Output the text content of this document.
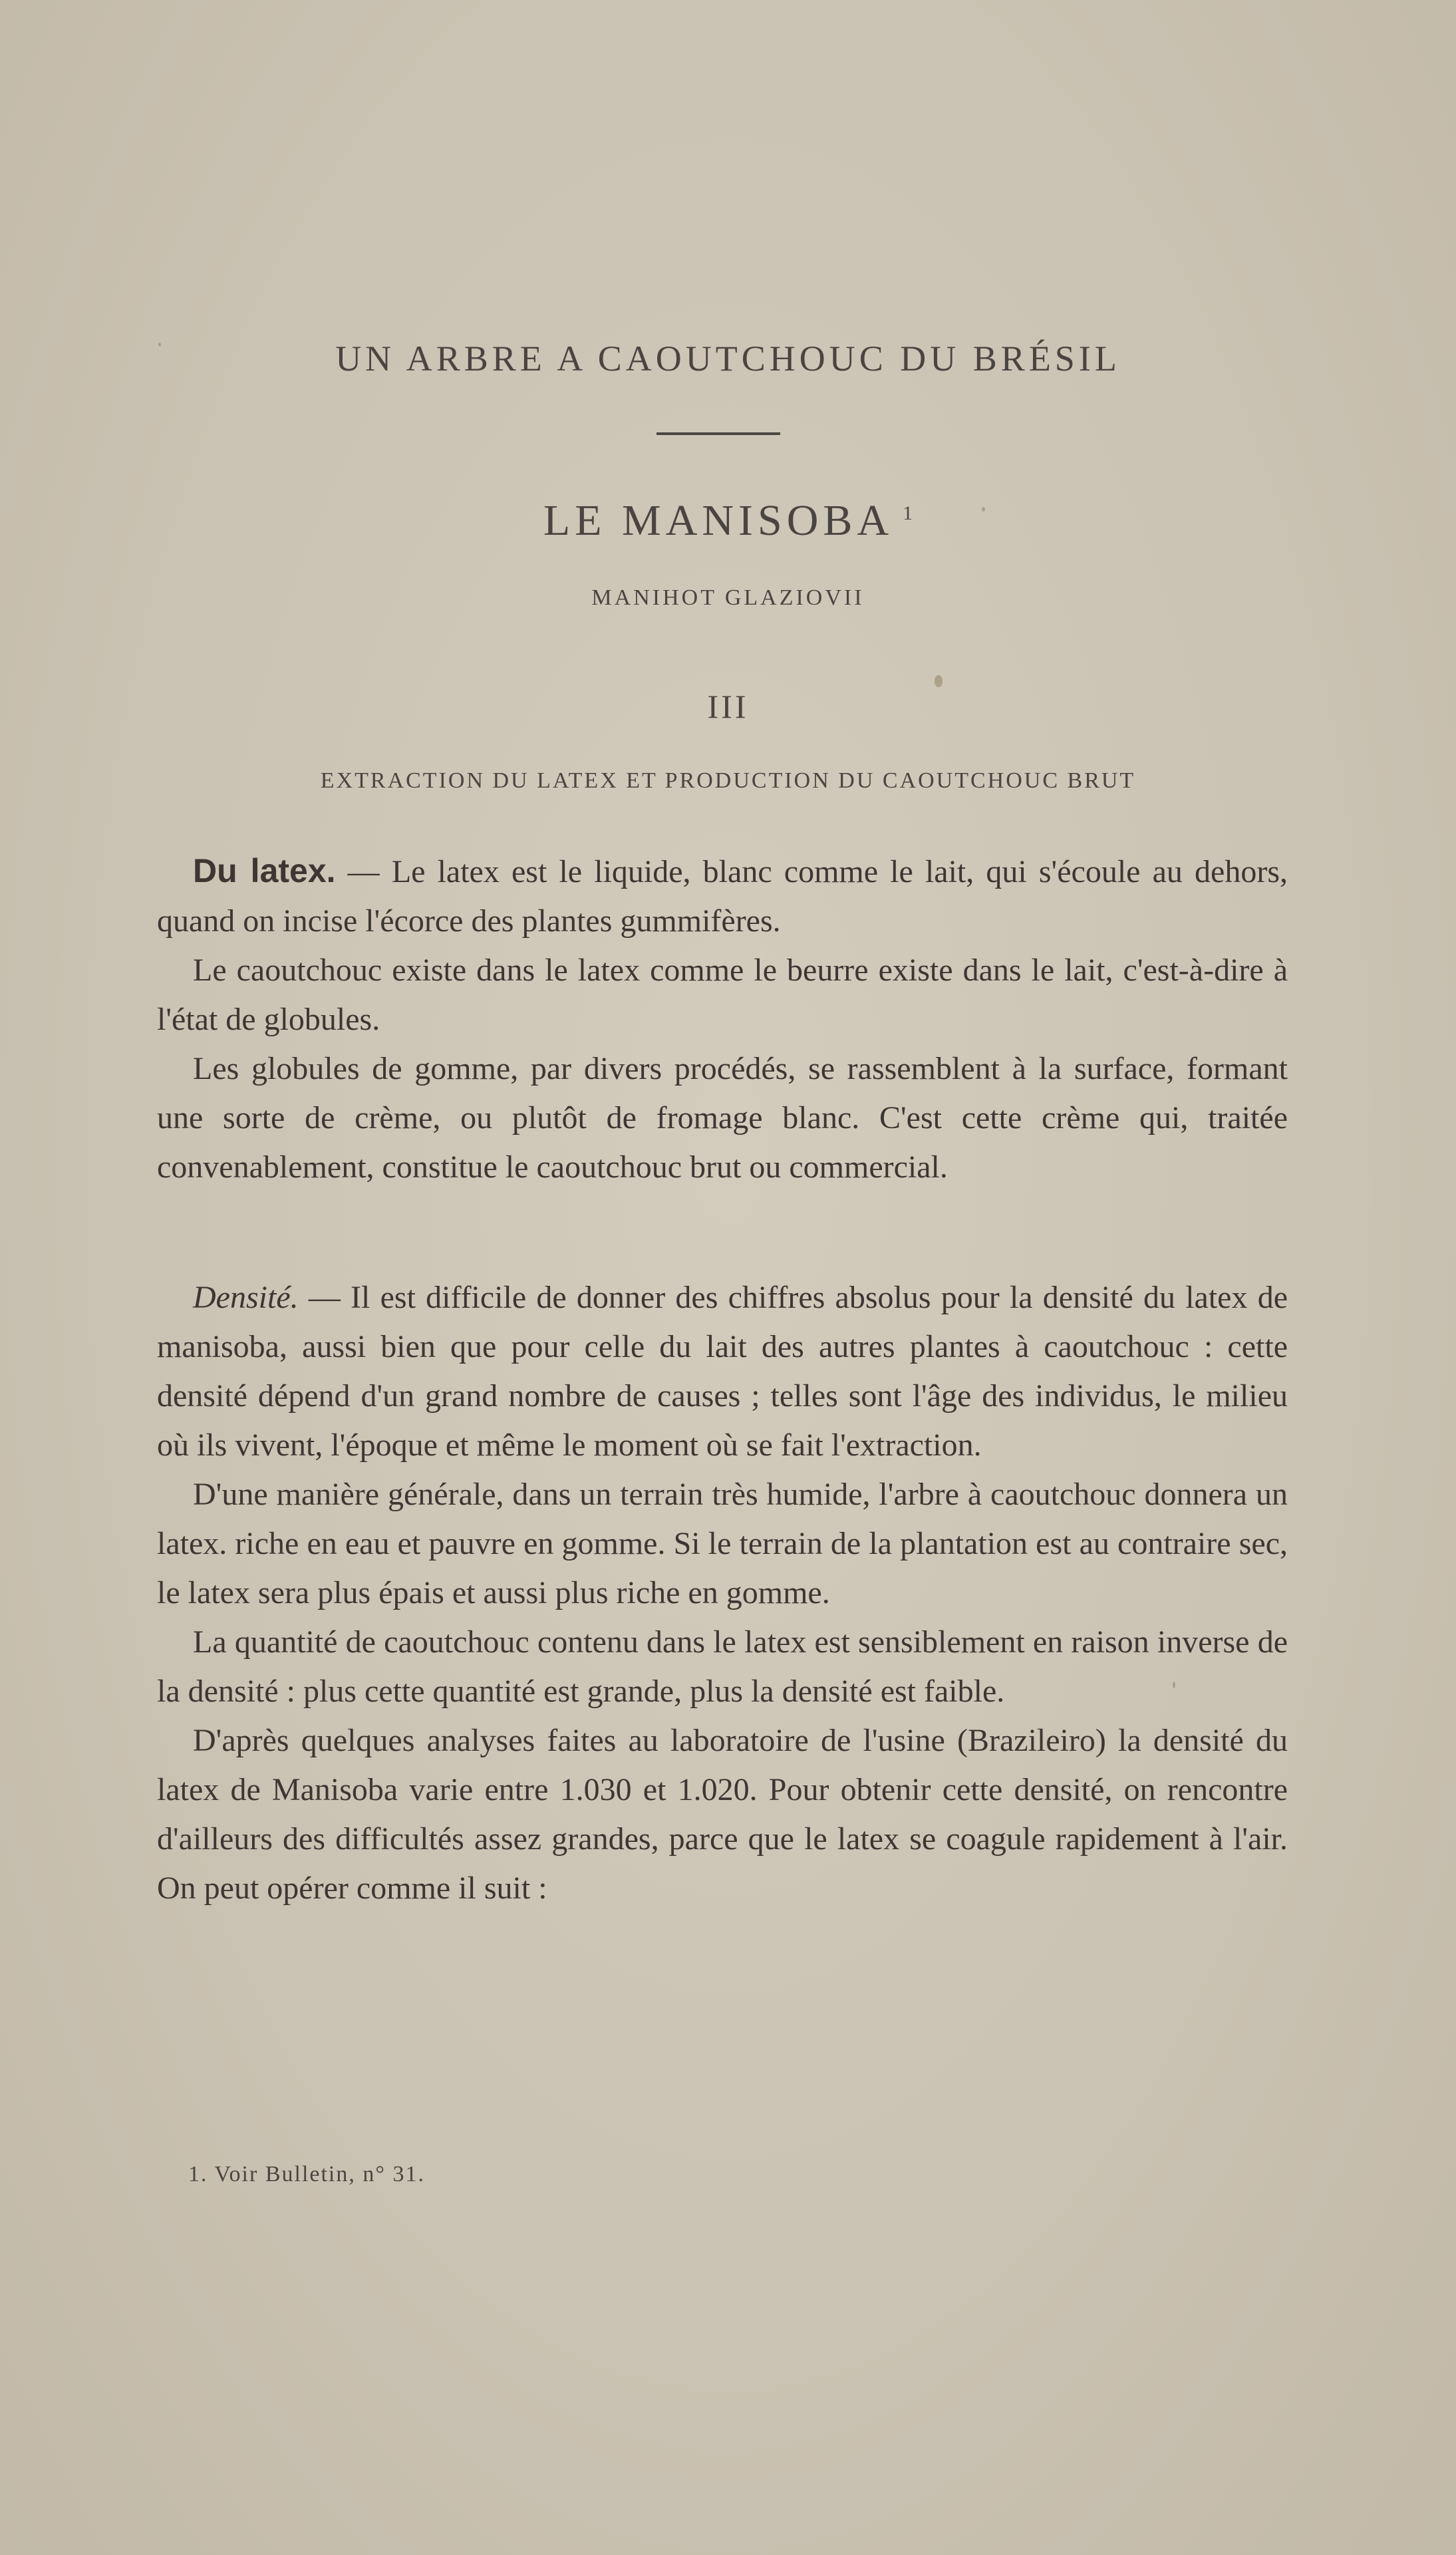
UN ARBRE A CAOUTCHOUC DU BRÉSIL
LE MANISOBA $^1$
MANIHOT GLAZIOVII
III
EXTRACTION DU LATEX ET PRODUCTION DU CAOUTCHOUC BRUT

Du latex. — Le latex est le liquide, blanc comme le lait, qui s'écoule au dehors, quand on incise l'écorce des plantes gummifères.

Le caoutchouc existe dans le latex comme le beurre existe dans le lait, c'est-à-dire à l'état de globules.

Les globules de gomme, par divers procédés, se rassemblent à la surface, formant une sorte de crème, ou plutôt de fromage blanc. C'est cette crème qui, traitée convenablement, constitue le caoutchouc brut ou commercial.

Densité. — Il est difficile de donner des chiffres absolus pour la densité du latex de manisoba, aussi bien que pour celle du lait des autres plantes à caoutchouc : cette densité dépend d'un grand nombre de causes ; telles sont l'âge des individus, le milieu où ils vivent, l'époque et même le moment où se fait l'extraction.

D'une manière générale, dans un terrain très humide, l'arbre à caoutchouc donnera un latex. riche en eau et pauvre en gomme. Si le terrain de la plantation est au contraire sec, le latex sera plus épais et aussi plus riche en gomme.

La quantité de caoutchouc contenu dans le latex est sensiblement en raison inverse de la densité : plus cette quantité est grande, plus la densité est faible.

D'après quelques analyses faites au laboratoire de l'usine (Brazileiro) la densité du latex de Manisoba varie entre 1.030 et 1.020. Pour obtenir cette densité, on rencontre d'ailleurs des difficultés assez grandes, parce que le latex se coagule rapidement à l'air. On peut opérer comme il suit :

1. Voir Bulletin, n° 31.
